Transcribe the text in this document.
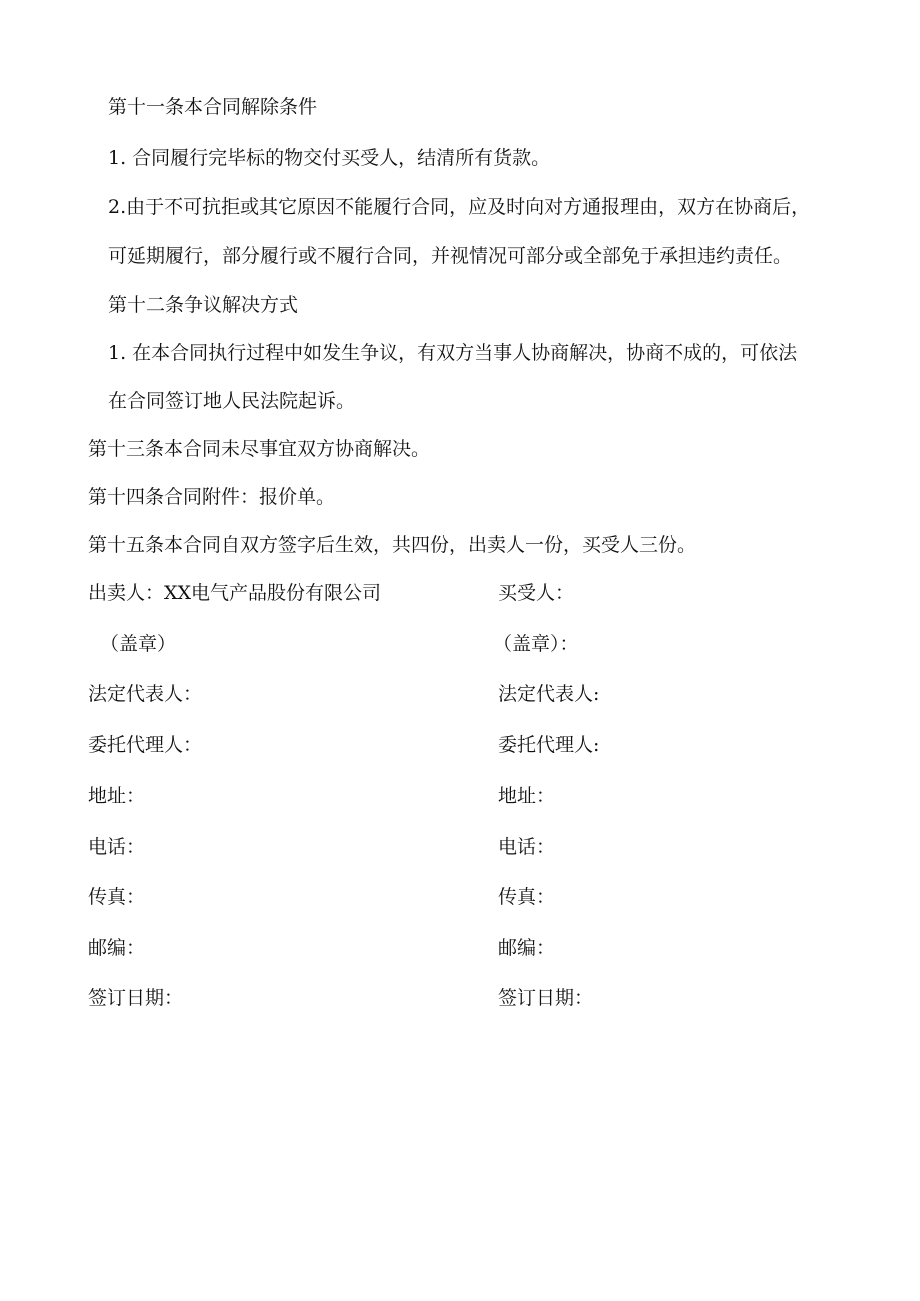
第十一条本合同解除条件
1. 合同履行完毕标的物交付买受人，结清所有货款。
2.由于不可抗拒或其它原因不能履行合同，应及时向对方通报理由，双方在协商后，
可延期履行，部分履行或不履行合同，并视情况可部分或全部免于承担违约责任。
第十二条争议解决方式
1. 在本合同执行过程中如发生争议，有双方当事人协商解决，协商不成的，可依法
在合同签订地人民法院起诉。
第十三条本合同未尽事宜双方协商解决。
第十四条合同附件：报价单。
第十五条本合同自双方签字后生效，共四份，出卖人一份，买受人三份。
出卖人：XX电气产品股份有限公司
（盖章）
法定代表人：
委托代理人：
地址：
电话：
传真：
邮编：
签订日期：
买受人：
（盖章）：
法定代表人:
委托代理人:
地址：
电话：
传真：
邮编：
签订日期：
